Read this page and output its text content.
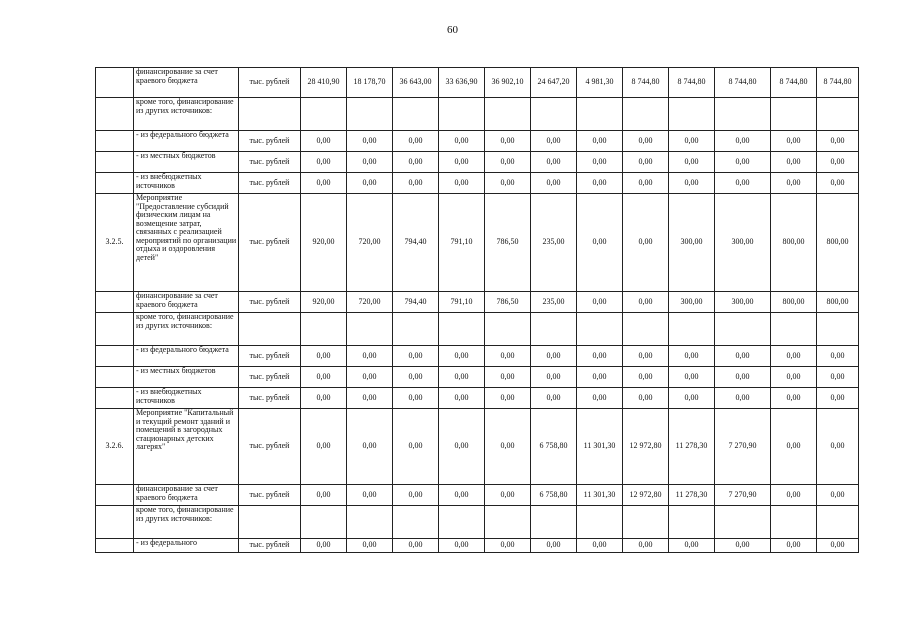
60
	финансирование за счет краевого бюджета	тыс. рублей	28 410,90	18 178,70	36 643,00	33 636,90	36 902,10	24 647,20	4 981,30	8 744,80	8 744,80	8 744,80	8 744,80	8 744,80
	кроме того, финансирование из других источников:													
	- из федерального бюджета	тыс. рублей	0,00	0,00	0,00	0,00	0,00	0,00	0,00	0,00	0,00	0,00	0,00	0,00
	- из местных бюджетов	тыс. рублей	0,00	0,00	0,00	0,00	0,00	0,00	0,00	0,00	0,00	0,00	0,00	0,00
	- из внебюджетных источников	тыс. рублей	0,00	0,00	0,00	0,00	0,00	0,00	0,00	0,00	0,00	0,00	0,00	0,00
3.2.5.	Мероприятие "Предоставление субсидий физическим лицам на возмещение затрат, связанных с реализацией мероприятий по организации отдыха и оздоровления детей"	тыс. рублей	920,00	720,00	794,40	791,10	786,50	235,00	0,00	0,00	300,00	300,00	800,00	800,00
	финансирование за счет краевого бюджета	тыс. рублей	920,00	720,00	794,40	791,10	786,50	235,00	0,00	0,00	300,00	300,00	800,00	800,00
	кроме того, финансирование из других источников:													
	- из федерального бюджета	тыс. рублей	0,00	0,00	0,00	0,00	0,00	0,00	0,00	0,00	0,00	0,00	0,00	0,00
	- из местных бюджетов	тыс. рублей	0,00	0,00	0,00	0,00	0,00	0,00	0,00	0,00	0,00	0,00	0,00	0,00
	- из внебюджетных источников	тыс. рублей	0,00	0,00	0,00	0,00	0,00	0,00	0,00	0,00	0,00	0,00	0,00	0,00
3.2.6.	Мероприятие "Капитальный и текущий ремонт зданий и помещений в загородных стационарных детских лагерях"	тыс. рублей	0,00	0,00	0,00	0,00	0,00	6 758,80	11 301,30	12 972,80	11 278,30	7 270,90	0,00	0,00
	финансирование за счет краевого бюджета	тыс. рублей	0,00	0,00	0,00	0,00	0,00	6 758,80	11 301,30	12 972,80	11 278,30	7 270,90	0,00	0,00
	кроме того, финансирование из других источников:													
	- из федерального	тыс. рублей	0,00	0,00	0,00	0,00	0,00	0,00	0,00	0,00	0,00	0,00	0,00	0,00
